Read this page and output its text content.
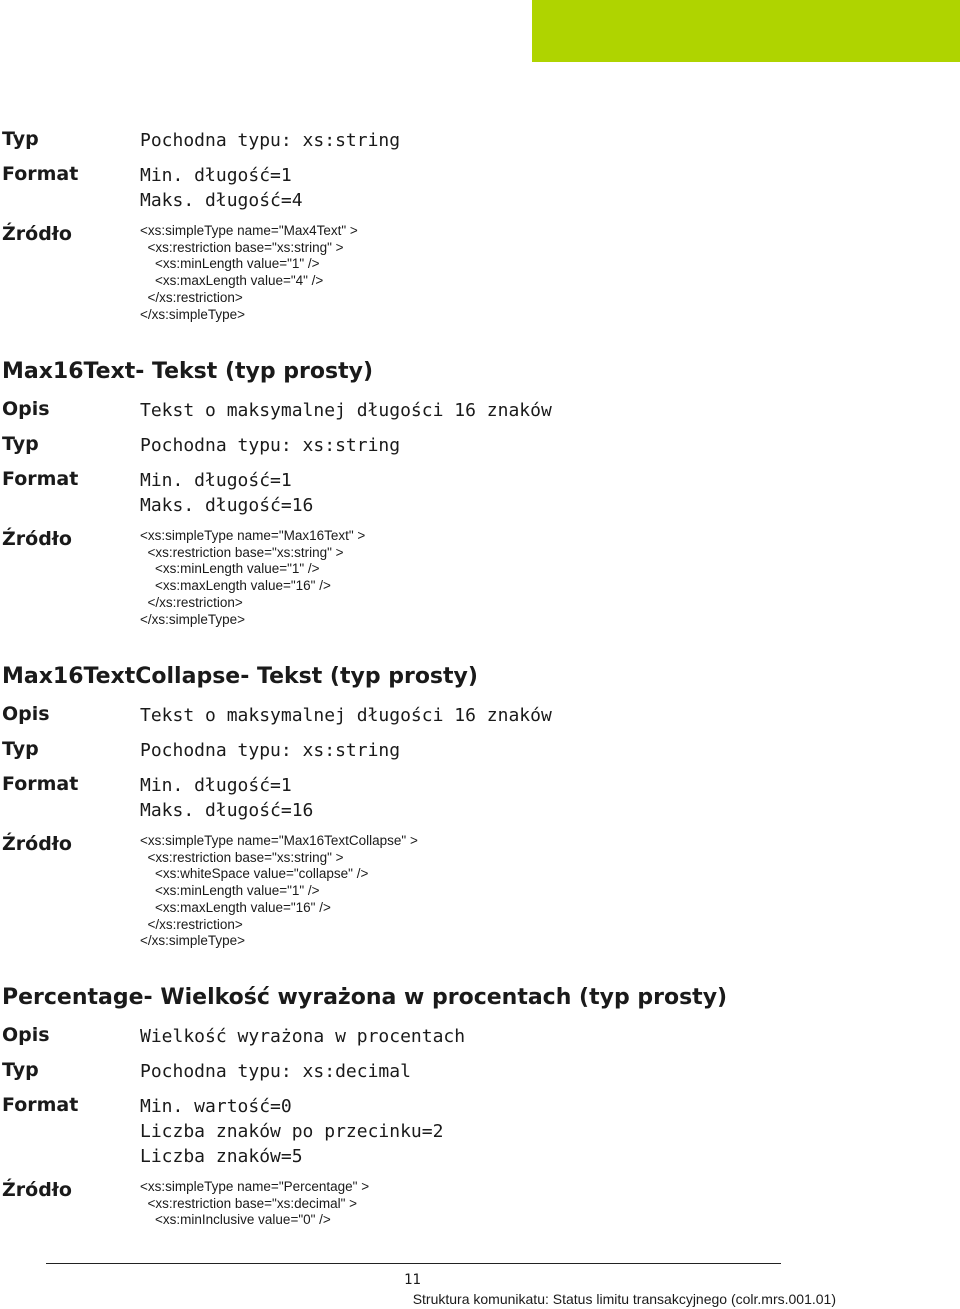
Typ	Pochodna typu: xs:string
Format	Min. długość=1
Maks. długość=4
Źródło	<xs:simpleType name="Max4Text" >
<xs:restriction base="xs:string" >
<xs:minLength value="1" />
<xs:maxLength value="4" />
</xs:restriction>
</xs:simpleType>
Max16Text- Tekst (typ prosty)
Opis	Tekst o maksymalnej długości 16 znaków
Typ	Pochodna typu: xs:string
Format	Min. długość=1
Maks. długość=16
Źródło	<xs:simpleType name="Max16Text" >
<xs:restriction base="xs:string" >
<xs:minLength value="1" />
<xs:maxLength value="16" />
</xs:restriction>
</xs:simpleType>
Max16TextCollapse- Tekst (typ prosty)
Opis	Tekst o maksymalnej długości 16 znaków
Typ	Pochodna typu: xs:string
Format	Min. długość=1
Maks. długość=16
Źródło	<xs:simpleType name="Max16TextCollapse" >
<xs:restriction base="xs:string" >
<xs:whiteSpace value="collapse" />
<xs:minLength value="1" />
<xs:maxLength value="16" />
</xs:restriction>
</xs:simpleType>
Percentage- Wielkość wyrażona w procentach (typ prosty)
Opis	Wielkość wyrażona w procentach
Typ	Pochodna typu: xs:decimal
Format	Min. wartość=0
Liczba znaków po przecinku=2
Liczba znaków=5
Źródło	<xs:simpleType name="Percentage" >
<xs:restriction base="xs:decimal" >
<xs:minInclusive value="0" />
11
Struktura komunikatu: Status limitu transakcyjnego (colr.mrs.001.01)
